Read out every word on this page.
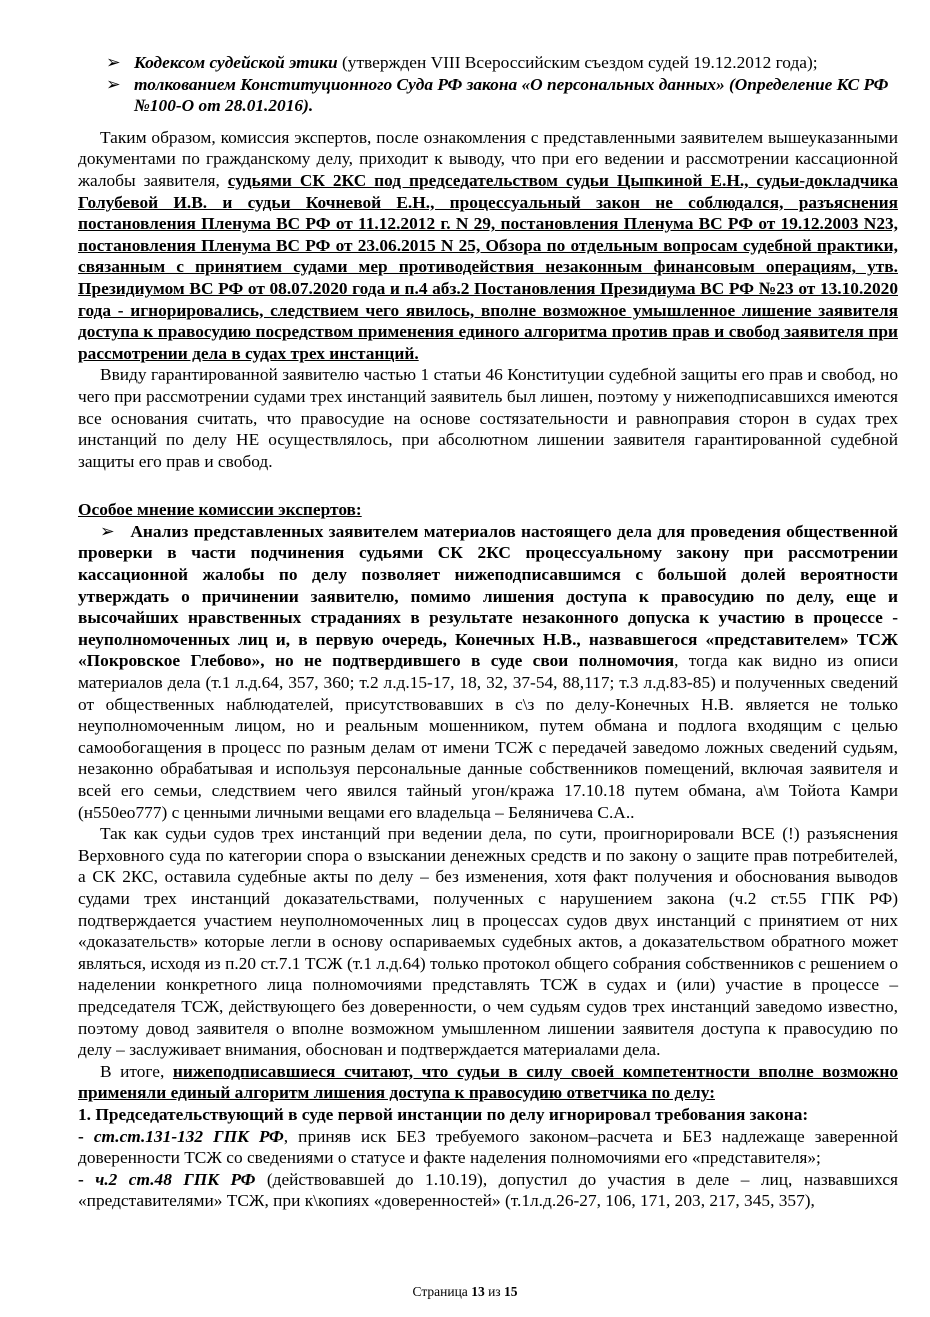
➢ Кодексом судейской этики (утвержден VIII Всероссийским съездом судей 19.12.2012 года);
➢ толкованием Конституционного Суда РФ закона «О персональных данных» (Определение КС РФ №100-О от 28.01.2016).

Таким образом, комиссия экспертов, после ознакомления с представленными заявителем вышеуказанными документами по гражданскому делу, приходит к выводу, что при его ведении и рассмотрении кассационной жалобы заявителя, судьями СК 2КС под председательством судьи Цыпкиной Е.Н., судьи-докладчика Голубевой И.В. и судьи Кочневой Е.Н., процессуальный закон не соблюдался, разъяснения постановления Пленума ВС РФ от 11.12.2012 г. N 29, постановления Пленума ВС РФ от 19.12.2003 N23, постановления Пленума ВС РФ от 23.06.2015 N 25, Обзора по отдельным вопросам судебной практики, связанным с принятием судами мер противодействия незаконным финансовым операциям, утв. Президиумом ВС РФ от 08.07.2020 года и п.4 абз.2 Постановления Президиума ВС РФ №23 от 13.10.2020 года - игнорировались, следствием чего явилось, вполне возможное умышленное лишение заявителя доступа к правосудию посредством применения единого алгоритма против прав и свобод заявителя при рассмотрении дела в судах трех инстанций.

Ввиду гарантированной заявителю частью 1 статьи 46 Конституции судебной защиты его прав и свобод, но чего при рассмотрении судами трех инстанций заявитель был лишен, поэтому у нижеподписавшихся имеются все основания считать, что правосудие на основе состязательности и равноправия сторон в судах трех инстанций по делу НЕ осуществлялось, при абсолютном лишении заявителя гарантированной судебной защиты его прав и свобод.

Особое мнение комиссии экспертов:

➢ Анализ представленных заявителем материалов настоящего дела для проведения общественной проверки в части подчинения судьями СК 2КС процессуальному закону при рассмотрении кассационной жалобы по делу позволяет нижеподписавшимся с большой долей вероятности утверждать о причинении заявителю, помимо лишения доступа к правосудию по делу, еще и высочайших нравственных страданиях в результате незаконного допуска к участию в процессе - неуполномоченных лиц и, в первую очередь, Конечных Н.В., назвавшегося «представителем» ТСЖ «Покровское Глебово», но не подтвердившего в суде свои полномочия, тогда как видно из описи материалов дела (т.1 л.д.64, 357, 360; т.2 л.д.15-17, 18, 32, 37-54, 88,117; т.3 л.д.83-85) и полученных сведений от общественных наблюдателей, присутствовавших в с\з по делу-Конечных Н.В. является не только неуполномоченным лицом, но и реальным мошенником, путем обмана и подлога входящим с целью самообогащения в процесс по разным делам от имени ТСЖ с передачей заведомо ложных сведений судьям, незаконно обрабатывая и используя персональные данные собственников помещений, включая заявителя и всей его семьи, следствием чего явился тайный угон/кража 17.10.18 путем обмана, а\м Тойота Камри (н550ео777) с ценными личными вещами его владельца – Беляничева С.А..

Так как судьи судов трех инстанций при ведении дела, по сути, проигнорировали ВСЕ (!) разъяснения Верховного суда по категории спора о взыскании денежных средств и по закону о защите прав потребителей, а СК 2КС, оставила судебные акты по делу – без изменения, хотя факт получения и обоснования выводов судами трех инстанций доказательствами, полученных с нарушением закона (ч.2 ст.55 ГПК РФ) подтверждается участием неуполномоченных лиц в процессах судов двух инстанций с принятием от них «доказательств» которые легли в основу оспариваемых судебных актов, а доказательством обратного может являться, исходя из п.20 ст.7.1 ТСЖ (т.1 л.д.64) только протокол общего собрания собственников с решением о наделении конкретного лица полномочиями представлять ТСЖ в судах и (или) участие в процессе – председателя ТСЖ, действующего без доверенности, о чем судьям судов трех инстанций заведомо известно, поэтому довод заявителя о вполне возможном умышленном лишении заявителя доступа к правосудию по делу – заслуживает внимания, обоснован и подтверждается материалами дела.

В итоге, нижеподписавшиеся считают, что судьи в силу своей компетентности вполне возможно применяли единый алгоритм лишения доступа к правосудию ответчика по делу:

1. Председательствующий в суде первой инстанции по делу игнорировал требования закона:

- ст.ст.131-132 ГПК РФ, приняв иск БЕЗ требуемого законом–расчета и БЕЗ надлежаще заверенной доверенности ТСЖ со сведениями о статусе и факте наделения полномочиями его «представителя»;

- ч.2 ст.48 ГПК РФ (действовавшей до 1.10.19), допустил до участия в деле – лиц, назвавшихся «представителями» ТСЖ, при к\копиях «доверенностей» (т.1л.д.26-27, 106, 171, 203, 217, 345, 357),

Страница 13 из 15
